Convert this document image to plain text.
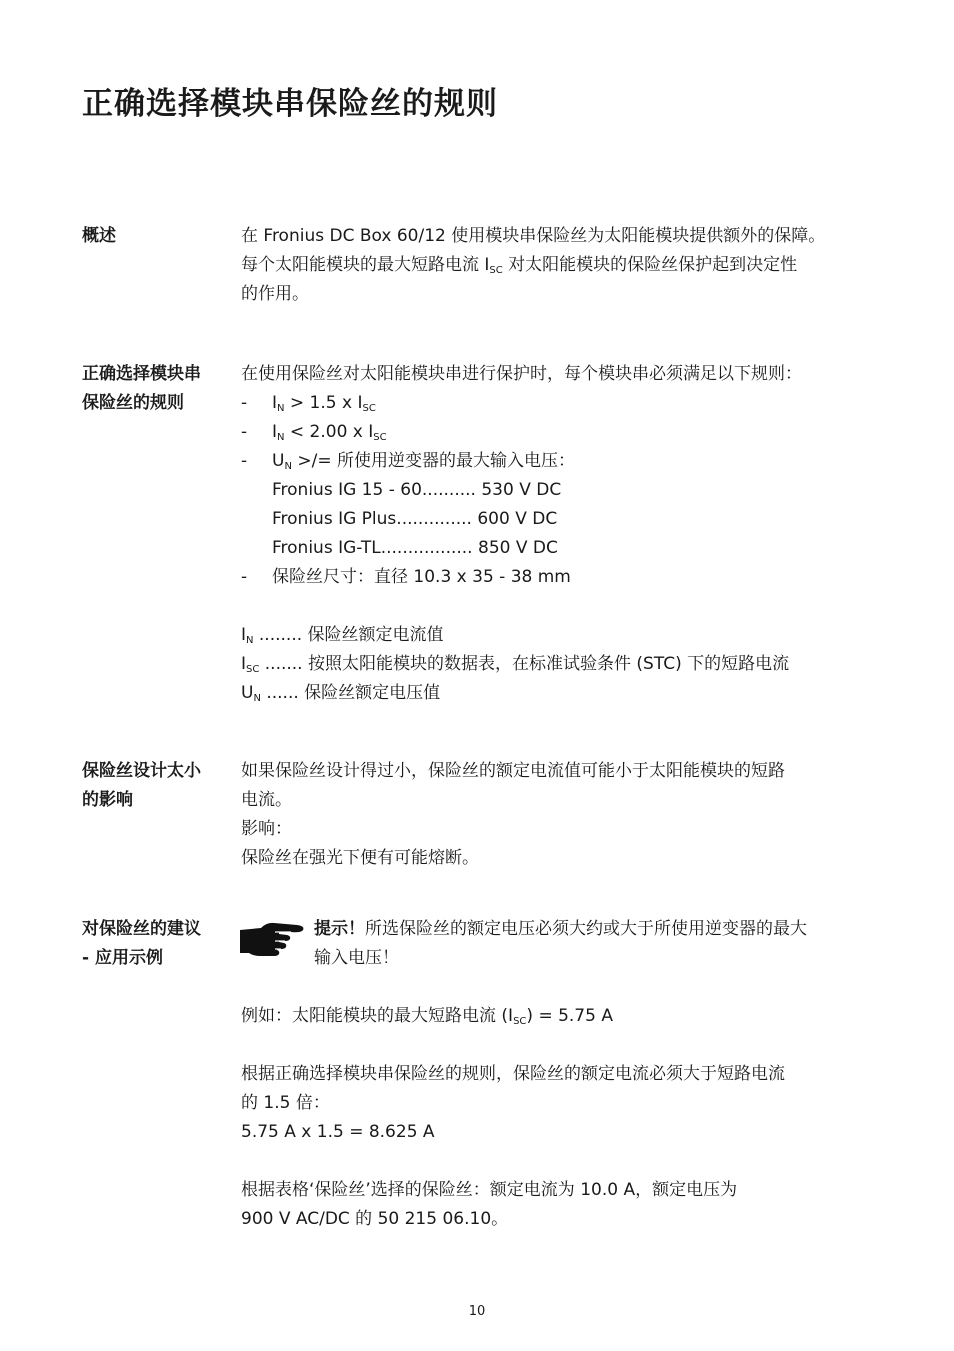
正确选择模块串保险丝的规则
概述	在 Fronius DC Box 60/12 使用模块串保险丝为太阳能模块提供额外的保障。
每个太阳能模块的最大短路电流 $I_{SC}$ 对太阳能模块的保险丝保护起到决定性
的作用。
正确选择模块串
保险丝的规则
在使用保险丝对太阳能模块串进行保护时，每个模块串必须满足以下规则：
- $I_N > 1.5$ x $I_{SC}$
- $I_N < 2.00$ x $I_{SC}$
- $U_N$ >/= 所使用逆变器的最大输入电压：
Fronius IG 15 - 60.......... 530 V DC
Fronius IG Plus.............. 600 V DC
Fronius IG-TL................. 850 V DC
- 保险丝尺寸：直径 10.3 x 35 - 38 mm
$I_N$ ........ 保险丝额定电流值
$I_{SC}$ ....... 按照太阳能模块的数据表，在标准试验条件 (STC) 下的短路电流
$U_N$ ...... 保险丝额定电压值
保险丝设计太小
的影响
如果保险丝设计得过小，保险丝的额定电流值可能小于太阳能模块的短路
电流。
影响：
保险丝在强光下便有可能熔断。
对保险丝的建议
- 应用示例
提示！所选保险丝的额定电压必须大约或大于所使用逆变器的最大
输入电压！
例如：太阳能模块的最大短路电流 $(I_{SC}) = 5.75$ A
根据正确选择模块串保险丝的规则，保险丝的额定电流必须大于短路电流
的 1.5 倍：
5.75 A x 1.5 = 8.625 A
根据表格‘保险丝’选择的保险丝：额定电流为 10.0 A，额定电压为
900 V AC/DC 的 50 215 06.10。
10
